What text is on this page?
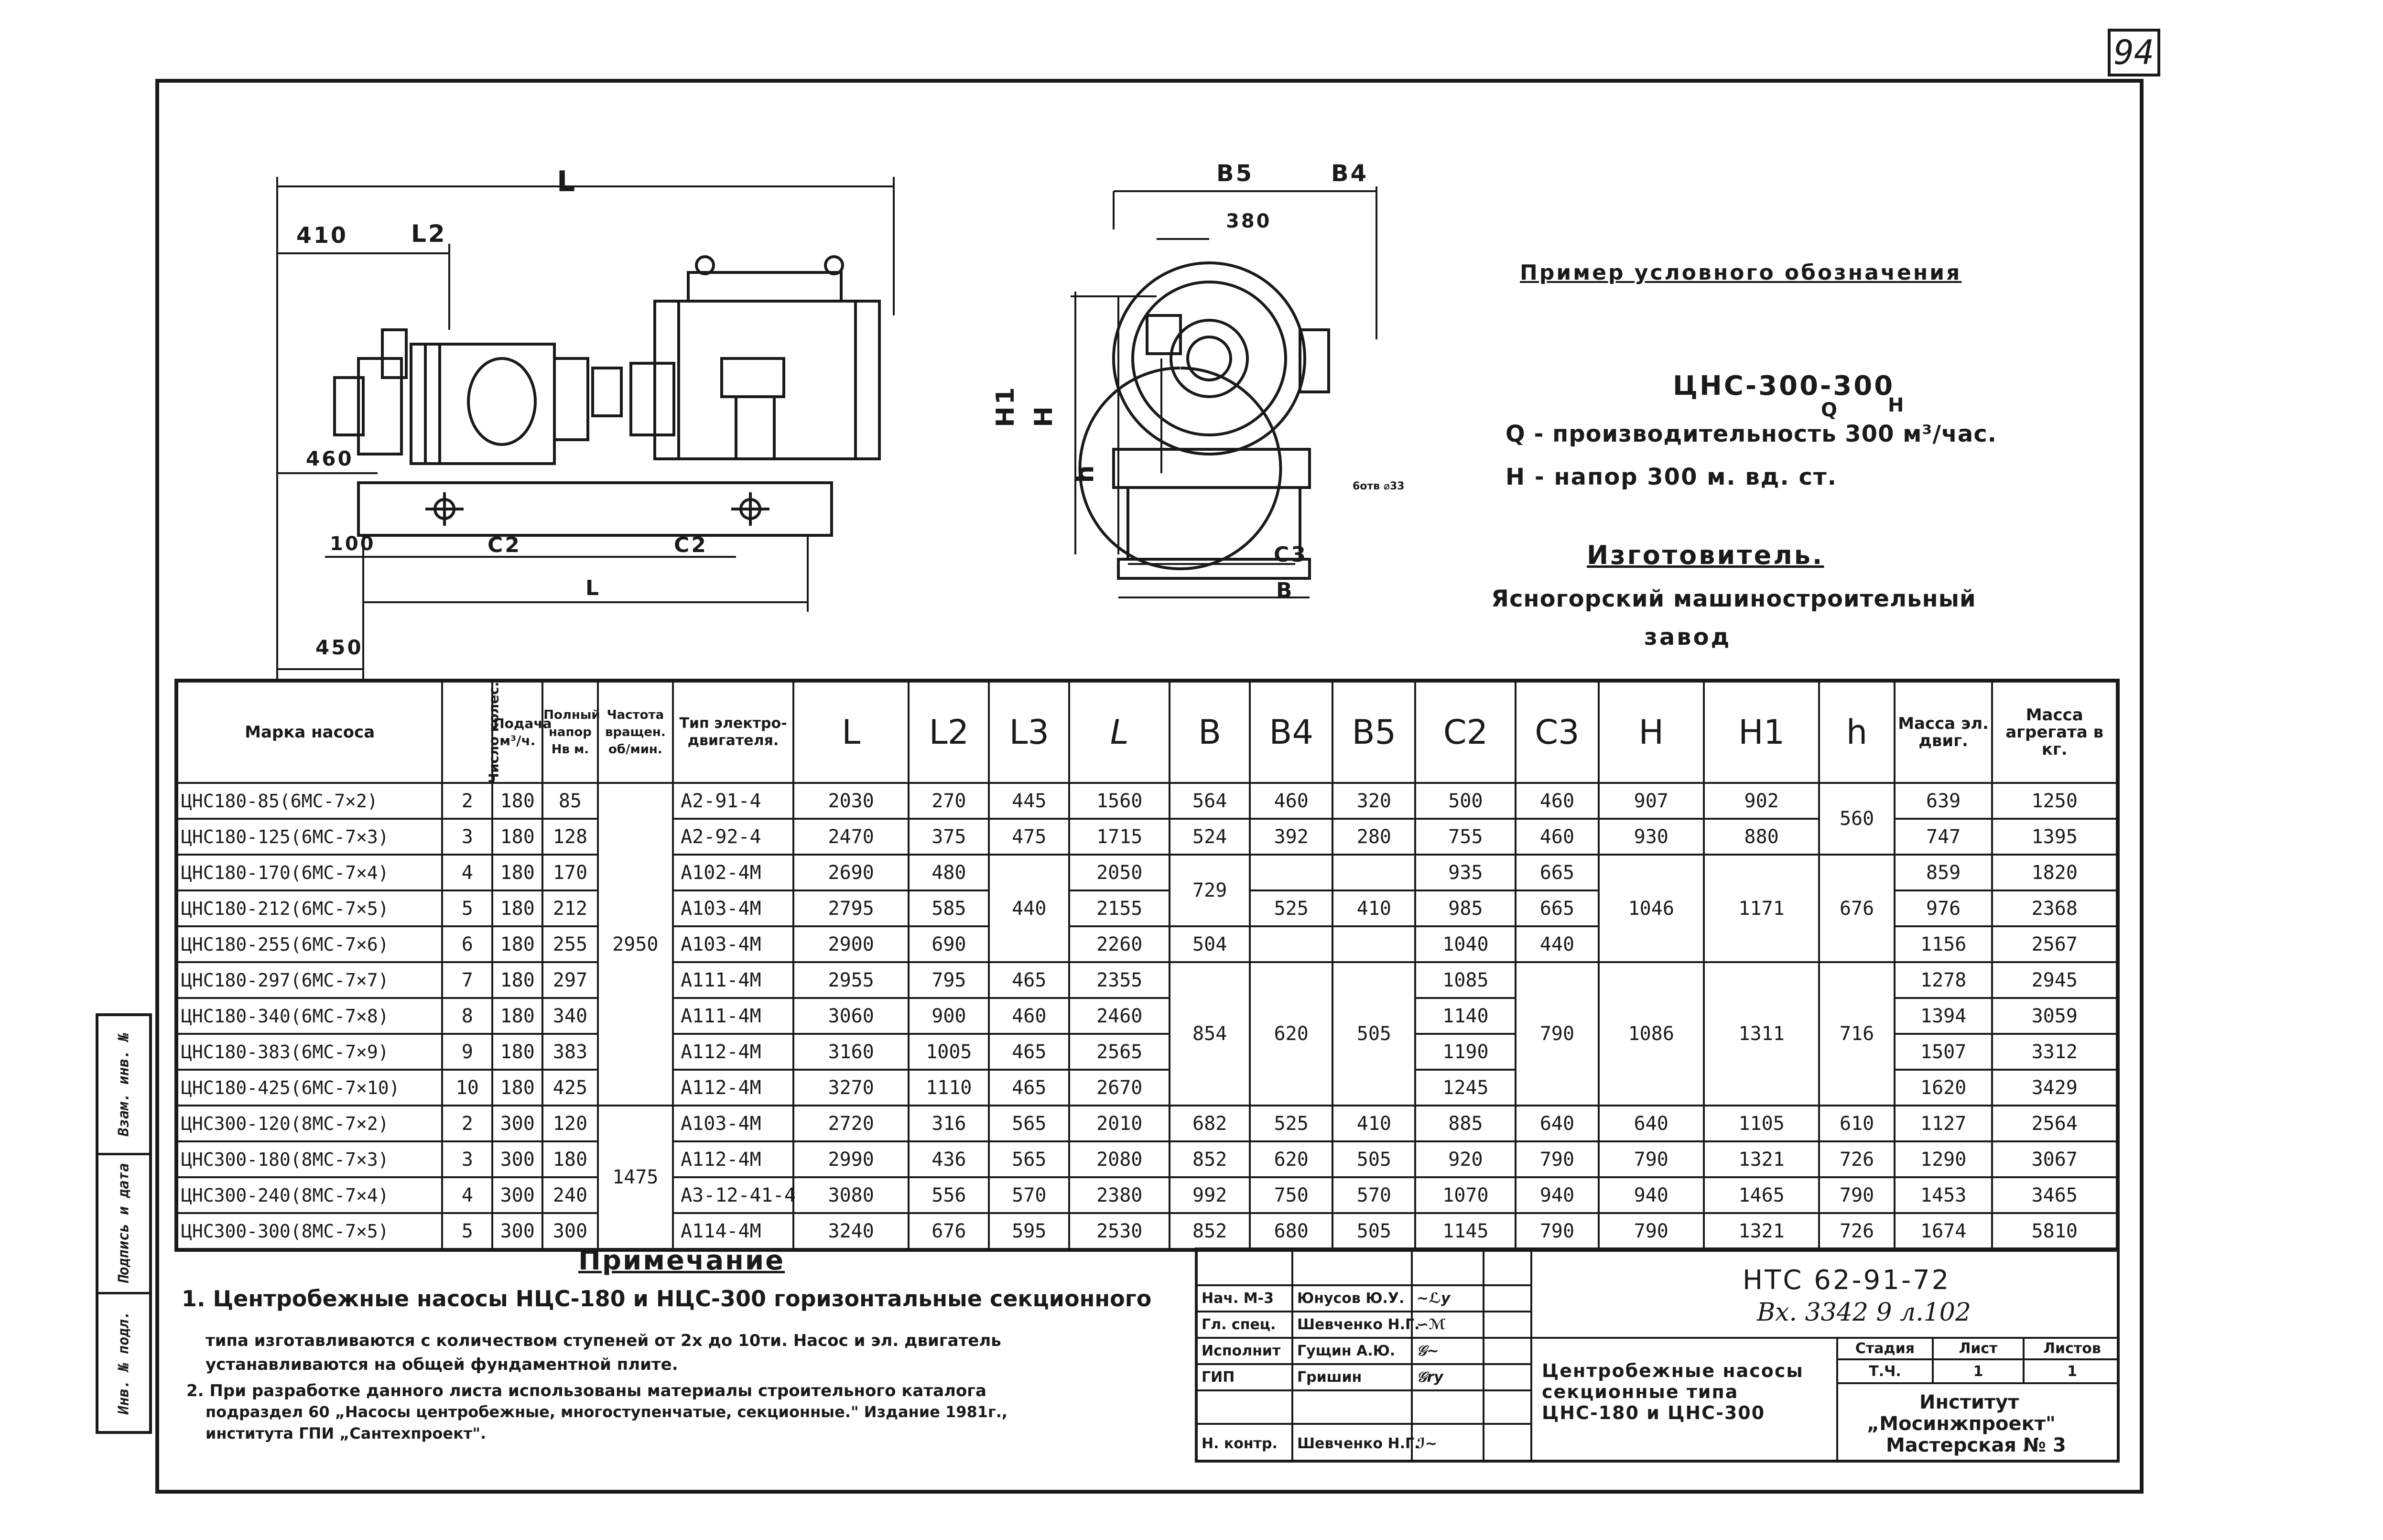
94
Взам. инв. №
Подпись и дата
Инв. № подл.
L
410	L2
460
100	C2	C2
L
450
B5	B4
380
H1 H
h
6отв ⌀33
C3
B
Пример условного обозначения
ЦНС-300-300
Q	H
Q - производительность 300 м³/час.
H - напор 300 м. вд. ст.
Изготовитель.
Ясногорский машиностроительный
завод
Марка насоса	Число колес.	Подача м³/ч.	Полный напор Нв м.	Частота вращен. об/мин.	Тип электро- двигателя.	L	L2	L3	L	B	B4	B5	C2	C3	H	H1	h	Масса эл. двиг.	Масса агрегата в кг.
ЦНС180-85(6МС-7×2)	2	180	85	2950	А2-91-4	2030	270	445	1560	564	460	320	500	460	907	902	560	639	1250
ЦНС180-125(6МС-7×3)	3	180	128		А2-92-4	2470	375	475	1715	524	392	280	755	460	930	880		747	1395
ЦНС180-170(6МС-7×4)	4	180	170		А102-4М	2690	480	440	2050	729			935	665	1046	1171	676	859	1820
ЦНС180-212(6МС-7×5)	5	180	212		А103-4М	2795	585		2155		525	410	985	665				976	2368
ЦНС180-255(6МС-7×6)	6	180	255		А103-4М	2900	690		2260	504			1040	440				1156	2567
ЦНС180-297(6МС-7×7)	7	180	297		А111-4М	2955	795	465	2355	854	620	505	1085	790	1086	1311	716	1278	2945
ЦНС180-340(6МС-7×8)	8	180	340		А111-4М	3060	900	460	2460				1140					1394	3059
ЦНС180-383(6МС-7×9)	9	180	383		А112-4М	3160	1005	465	2565				1190					1507	3312
ЦНС180-425(6МС-7×10)	10	180	425		А112-4М	3270	1110	465	2670				1245					1620	3429
ЦНС300-120(8МС-7×2)	2	300	120	1475	А103-4М	2720	316	565	2010	682	525	410	885	640	640	1105	610	1127	2564
ЦНС300-180(8МС-7×3)	3	300	180		А112-4М	2990	436	565	2080	852	620	505	920	790	790	1321	726	1290	3067
ЦНС300-240(8МС-7×4)	4	300	240		А3-12-41-4	3080	556	570	2380	992	750	570	1070	940	940	1465	790	1453	3465
ЦНС300-300(8МС-7×5)	5	300	300		А114-4М	3240	676	595	2530	852	680	505	1145	790	790	1321	726	1674	5810
Примечание
1. Центробежные насосы НЦС-180 и НЦС-300 горизонтальные секционного
типа изготавливаются с количеством ступеней от 2х до 10ти. Насос и эл. двигатель
устанавливаются на общей фундаментной плите.
2. При разработке данного листа использованы материалы строительного каталога
подраздел 60 „Насосы центробежные, многоступенчатые, секционные." Издание 1981г.,
института ГПИ „Сантехпроект".
Нач. М-3	Юнусов Ю.У. ∼ℒy
Гл. спец.	Шевченко Н.Г.
∽ℳ
Исполнит	Гущин А.Ю.	𝒢∼
ГИП	Гришин	𝒢ry
Н. контр.	Шевченко Н.Г.
ℐ∼
НТС 62-91-72
Вх. 3342 9 л.102
Центробежные насосы секционные типа ЦНС-180 и ЦНС-300
Стадия	Лист	Листов
Т.Ч.	1	1
Институт
„Мосинжпроект"
Мастерская № 3
